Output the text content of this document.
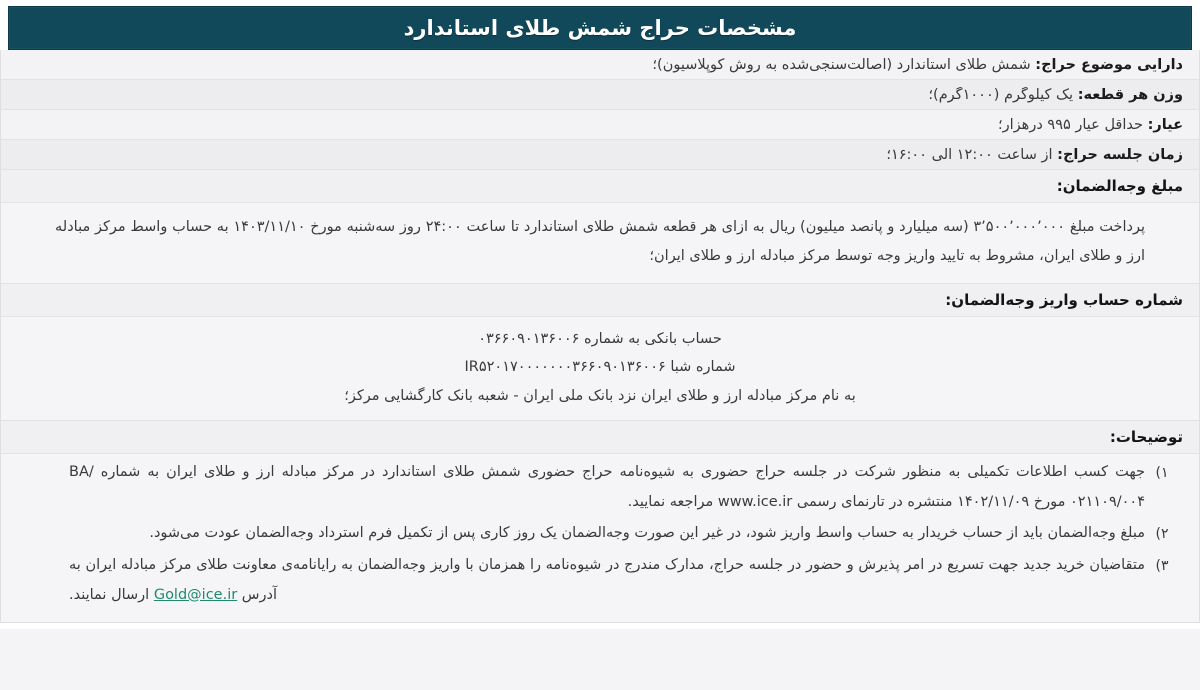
مشخصات حراج شمش طلای استاندارد
دارایی موضوع حراج: شمش طلای استاندارد (اصالت‌سنجی‌شده به روش کوپلاسیون)؛
وزن هر قطعه: یک کیلوگرم (۱۰۰۰گرم)؛
عیار: حداقل عیار ۹۹۵ درهزار؛
زمان جلسه حراج: از ساعت ۱۲:۰۰ الی ۱۶:۰۰؛
مبلغ وجه‌الضمان:

پرداخت مبلغ ۳٬۵۰۰٬۰۰۰٬۰۰۰ (سه میلیارد و پانصد میلیون) ریال به ازای هر قطعه شمش طلای استاندارد تا ساعت ۲۴:۰۰ روز سه‌شنبه مورخ ۱۴۰۳/۱۱/۱۰ به حساب واسط مرکز مبادله ارز و طلای ایران، مشروط به تایید واریز وجه توسط مرکز مبادله ارز و طلای ایران؛

شماره حساب واریز وجه‌الضمان:
حساب بانکی به شماره ۰۳۶۶۰۹۰۱۳۶۰۰۶
شماره شبا IR۵۲۰۱۷۰۰۰۰۰۰۰۳۶۶۰۹۰۱۳۶۰۰۶
به نام مرکز مبادله ارز و طلای ایران نزد بانک ملی ایران - شعبه بانک کارگشایی مرکز؛
توضیحات:
۱)
جهت کسب اطلاعات تکمیلی به منظور شرکت در جلسه حراج حضوری به شیوه‌نامه حراج حضوری شمش طلای استاندارد در مرکز مبادله ارز و طلای ایران به شماره BA/۰۲۱۱۰۹/۰۰۴ مورخ ۱۴۰۲/۱۱/۰۹ منتشره در تارنمای رسمی www.ice.ir مراجعه نمایید.
۲)
مبلغ وجه‌الضمان باید از حساب خریدار به حساب واسط واریز شود، در غیر این صورت وجه‌الضمان یک روز کاری پس از تکمیل فرم استرداد وجه‌الضمان عودت می‌شود.
۳)
متقاضیان خرید جدید جهت تسریع در امر پذیرش و حضور در جلسه حراج، مدارک مندرج در شیوه‌نامه را همزمان با واریز وجه‌الضمان به رایانامه‌ی معاونت طلای مرکز مبادله ایران به آدرس Gold@ice.ir ارسال نمایند.
